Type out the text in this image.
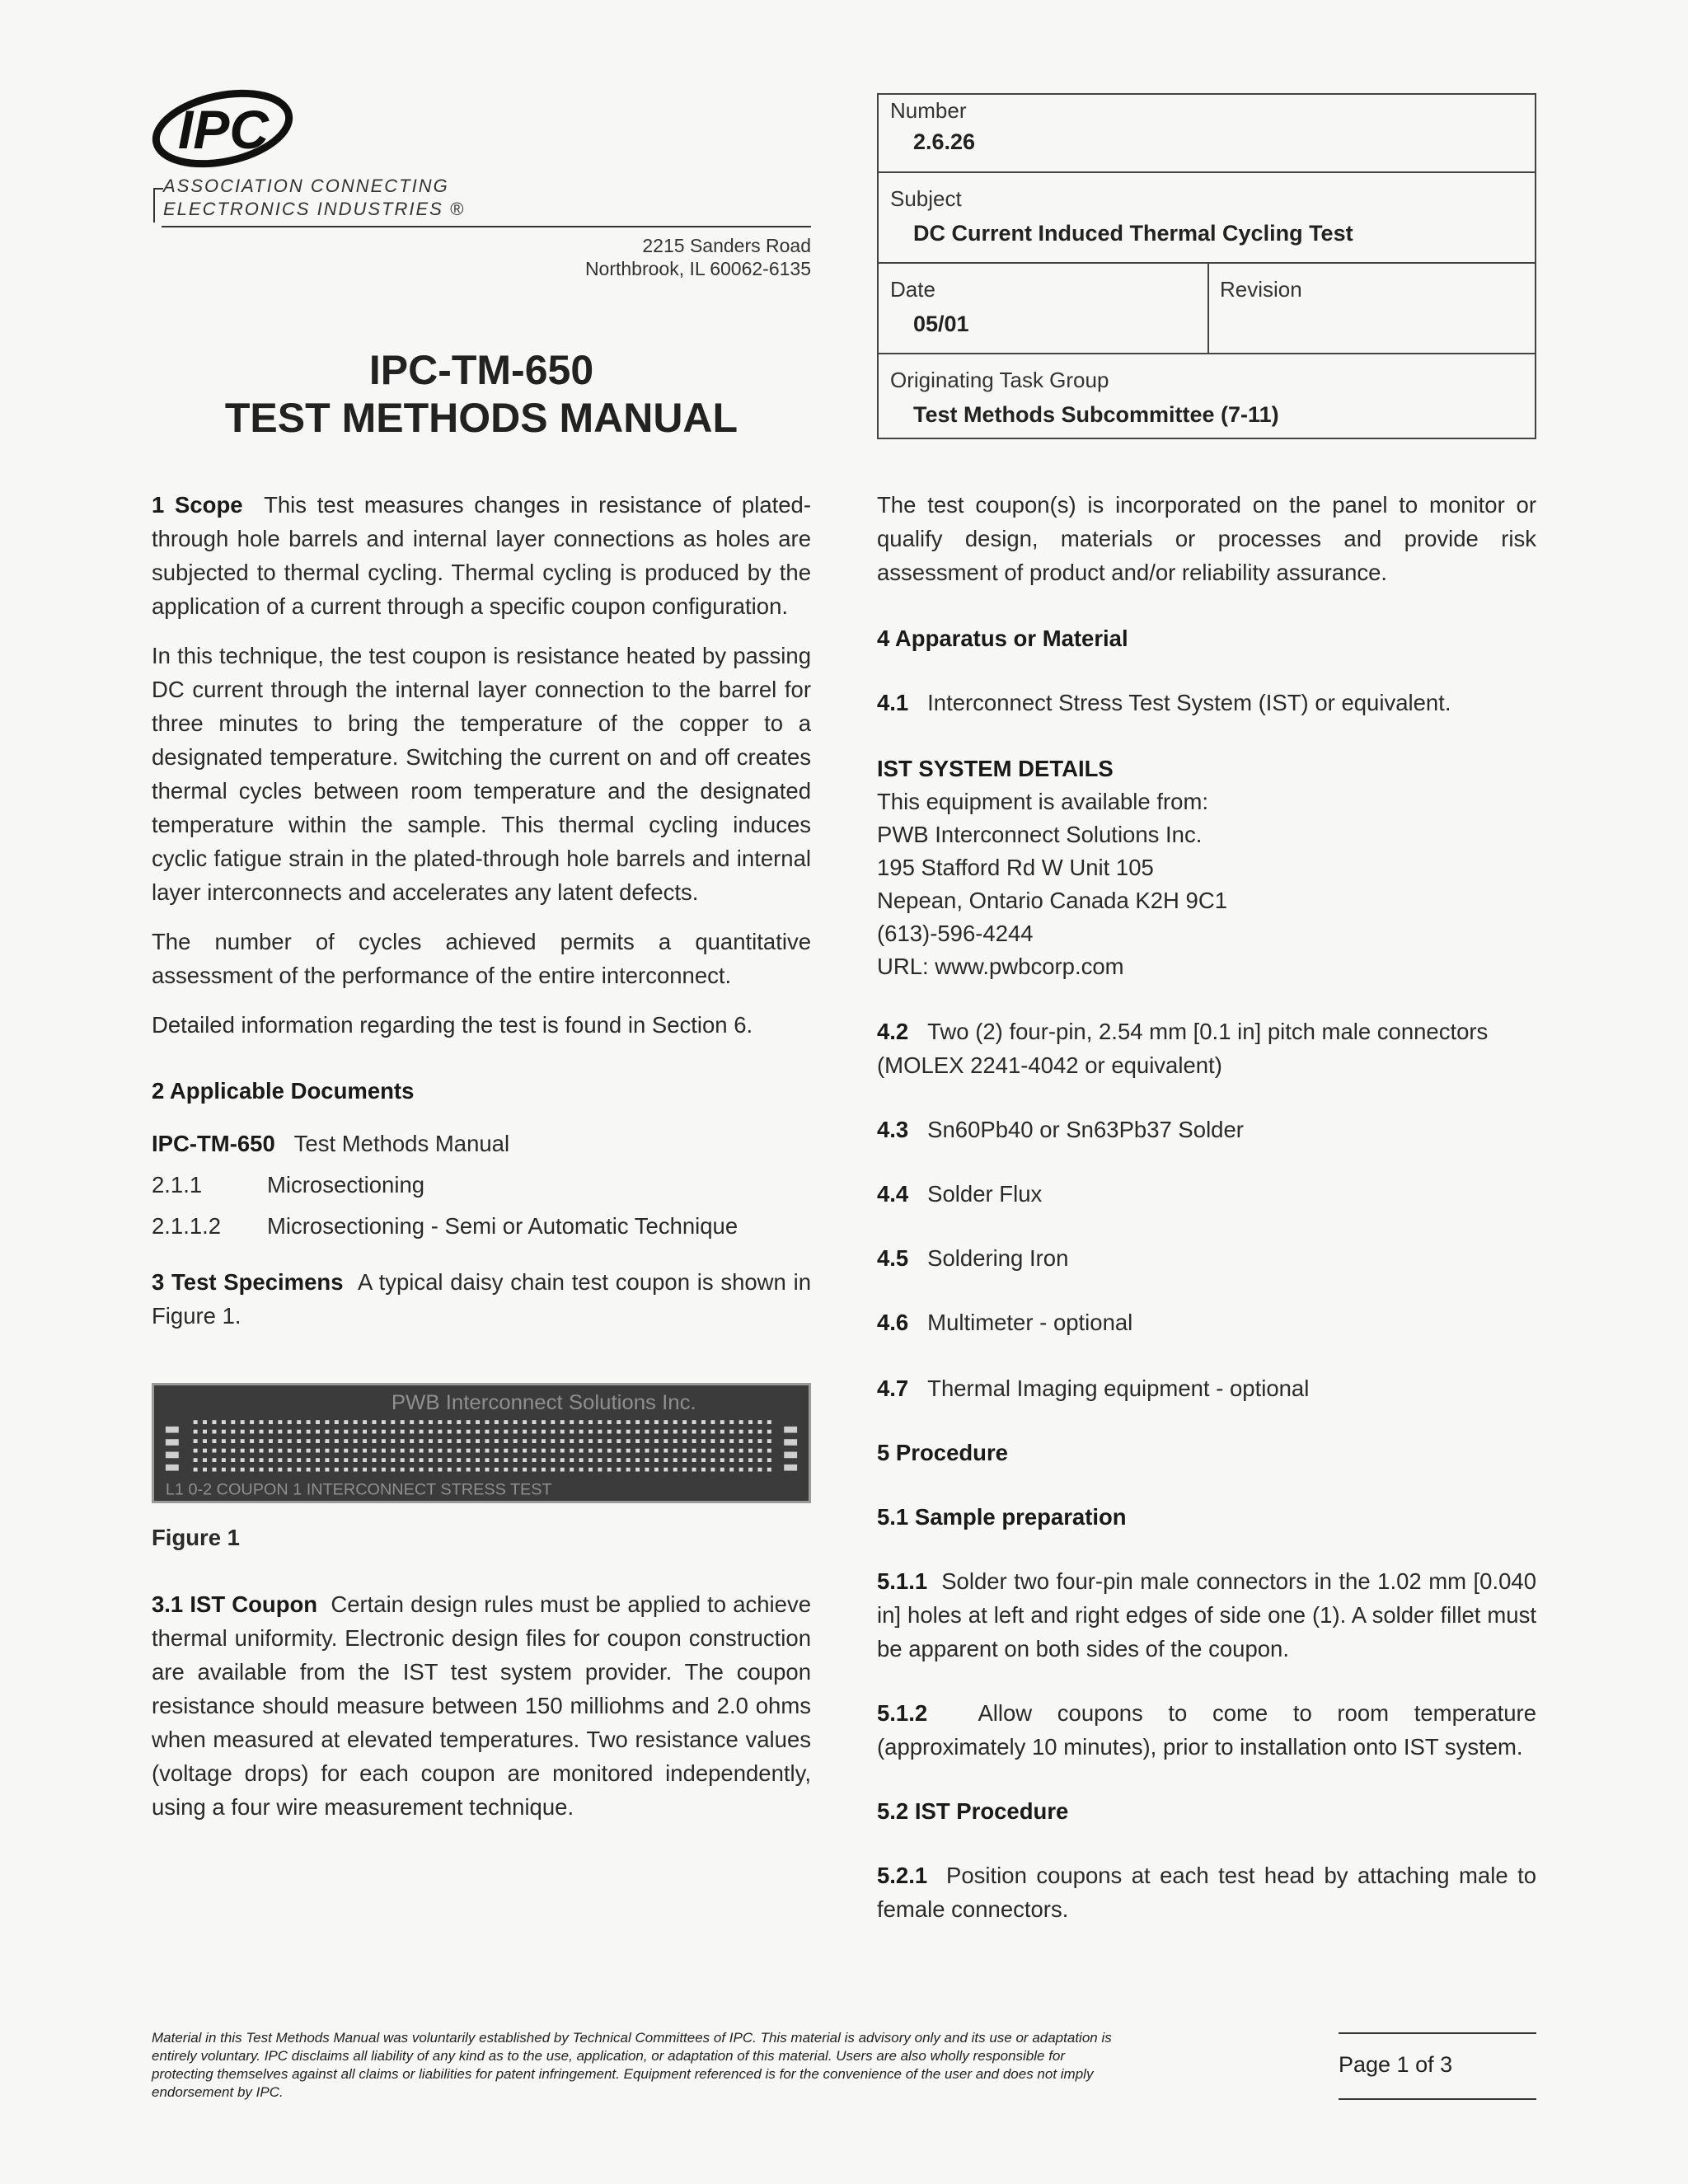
IPC
ASSOCIATION CONNECTING
ELECTRONICS INDUSTRIES ®
2215 Sanders Road
Northbrook, IL 60062-6135
IPC-TM-650
TEST METHODS MANUAL
Number
2.6.26
Subject
DC Current Induced Thermal Cycling Test
Date
05/01
Revision
Originating Task Group
Test Methods Subcommittee (7-11)

1 Scope This test measures changes in resistance of plated-through hole barrels and internal layer connections as holes are subjected to thermal cycling. Thermal cycling is produced by the application of a current through a specific coupon configuration.

In this technique, the test coupon is resistance heated by passing DC current through the internal layer connection to the barrel for three minutes to bring the temperature of the copper to a designated temperature. Switching the current on and off creates thermal cycles between room temperature and the designated temperature within the sample. This thermal cycling induces cyclic fatigue strain in the plated-through hole barrels and internal layer interconnects and accelerates any latent defects.

The number of cycles achieved permits a quantitative assessment of the performance of the entire interconnect.

Detailed information regarding the test is found in Section 6.

2 Applicable Documents

IPC-TM-650 Test Methods Manual

2.1.1	Microsectioning

2.1.1.2 Microsectioning - Semi or Automatic Technique

3 Test Specimens A typical daisy chain test coupon is shown in Figure 1.

PWB Interconnect Solutions Inc.
L1 0-2 COUPON 1 INTERCONNECT STRESS TEST

Figure 1

3.1 IST Coupon Certain design rules must be applied to achieve thermal uniformity. Electronic design files for coupon construction are available from the IST test system provider. The coupon resistance should measure between 150 milliohms and 2.0 ohms when measured at elevated temperatures. Two resistance values (voltage drops) for each coupon are monitored independently, using a four wire measurement technique.

The test coupon(s) is incorporated on the panel to monitor or qualify design, materials or processes and provide risk assessment of product and/or reliability assurance.

4 Apparatus or Material

4.1 Interconnect Stress Test System (IST) or equivalent.

IST SYSTEM DETAILS

This equipment is available from:
PWB Interconnect Solutions Inc.
195 Stafford Rd W Unit 105
Nepean, Ontario Canada K2H 9C1
(613)-596-4244
URL: www.pwbcorp.com

4.2 Two (2) four-pin, 2.54 mm [0.1 in] pitch male connectors (MOLEX 2241-4042 or equivalent)

4.3 Sn60Pb40 or Sn63Pb37 Solder

4.4 Solder Flux

4.5 Soldering Iron

4.6 Multimeter - optional

4.7 Thermal Imaging equipment - optional

5 Procedure

5.1 Sample preparation

5.1.1 Solder two four-pin male connectors in the 1.02 mm [0.040 in] holes at left and right edges of side one (1). A solder fillet must be apparent on both sides of the coupon.

5.1.2 Allow coupons to come to room temperature (approximately 10 minutes), prior to installation onto IST system.

5.2 IST Procedure

5.2.1 Position coupons at each test head by attaching male to female connectors.

Material in this Test Methods Manual was voluntarily established by Technical Committees of IPC. This material is advisory only and its use or adaptation is entirely voluntary. IPC disclaims all liability of any kind as to the use, application, or adaptation of this material. Users are also wholly responsible for protecting themselves against all claims or liabilities for patent infringement. Equipment referenced is for the convenience of the user and does not imply endorsement by IPC.
Page 1 of 3
